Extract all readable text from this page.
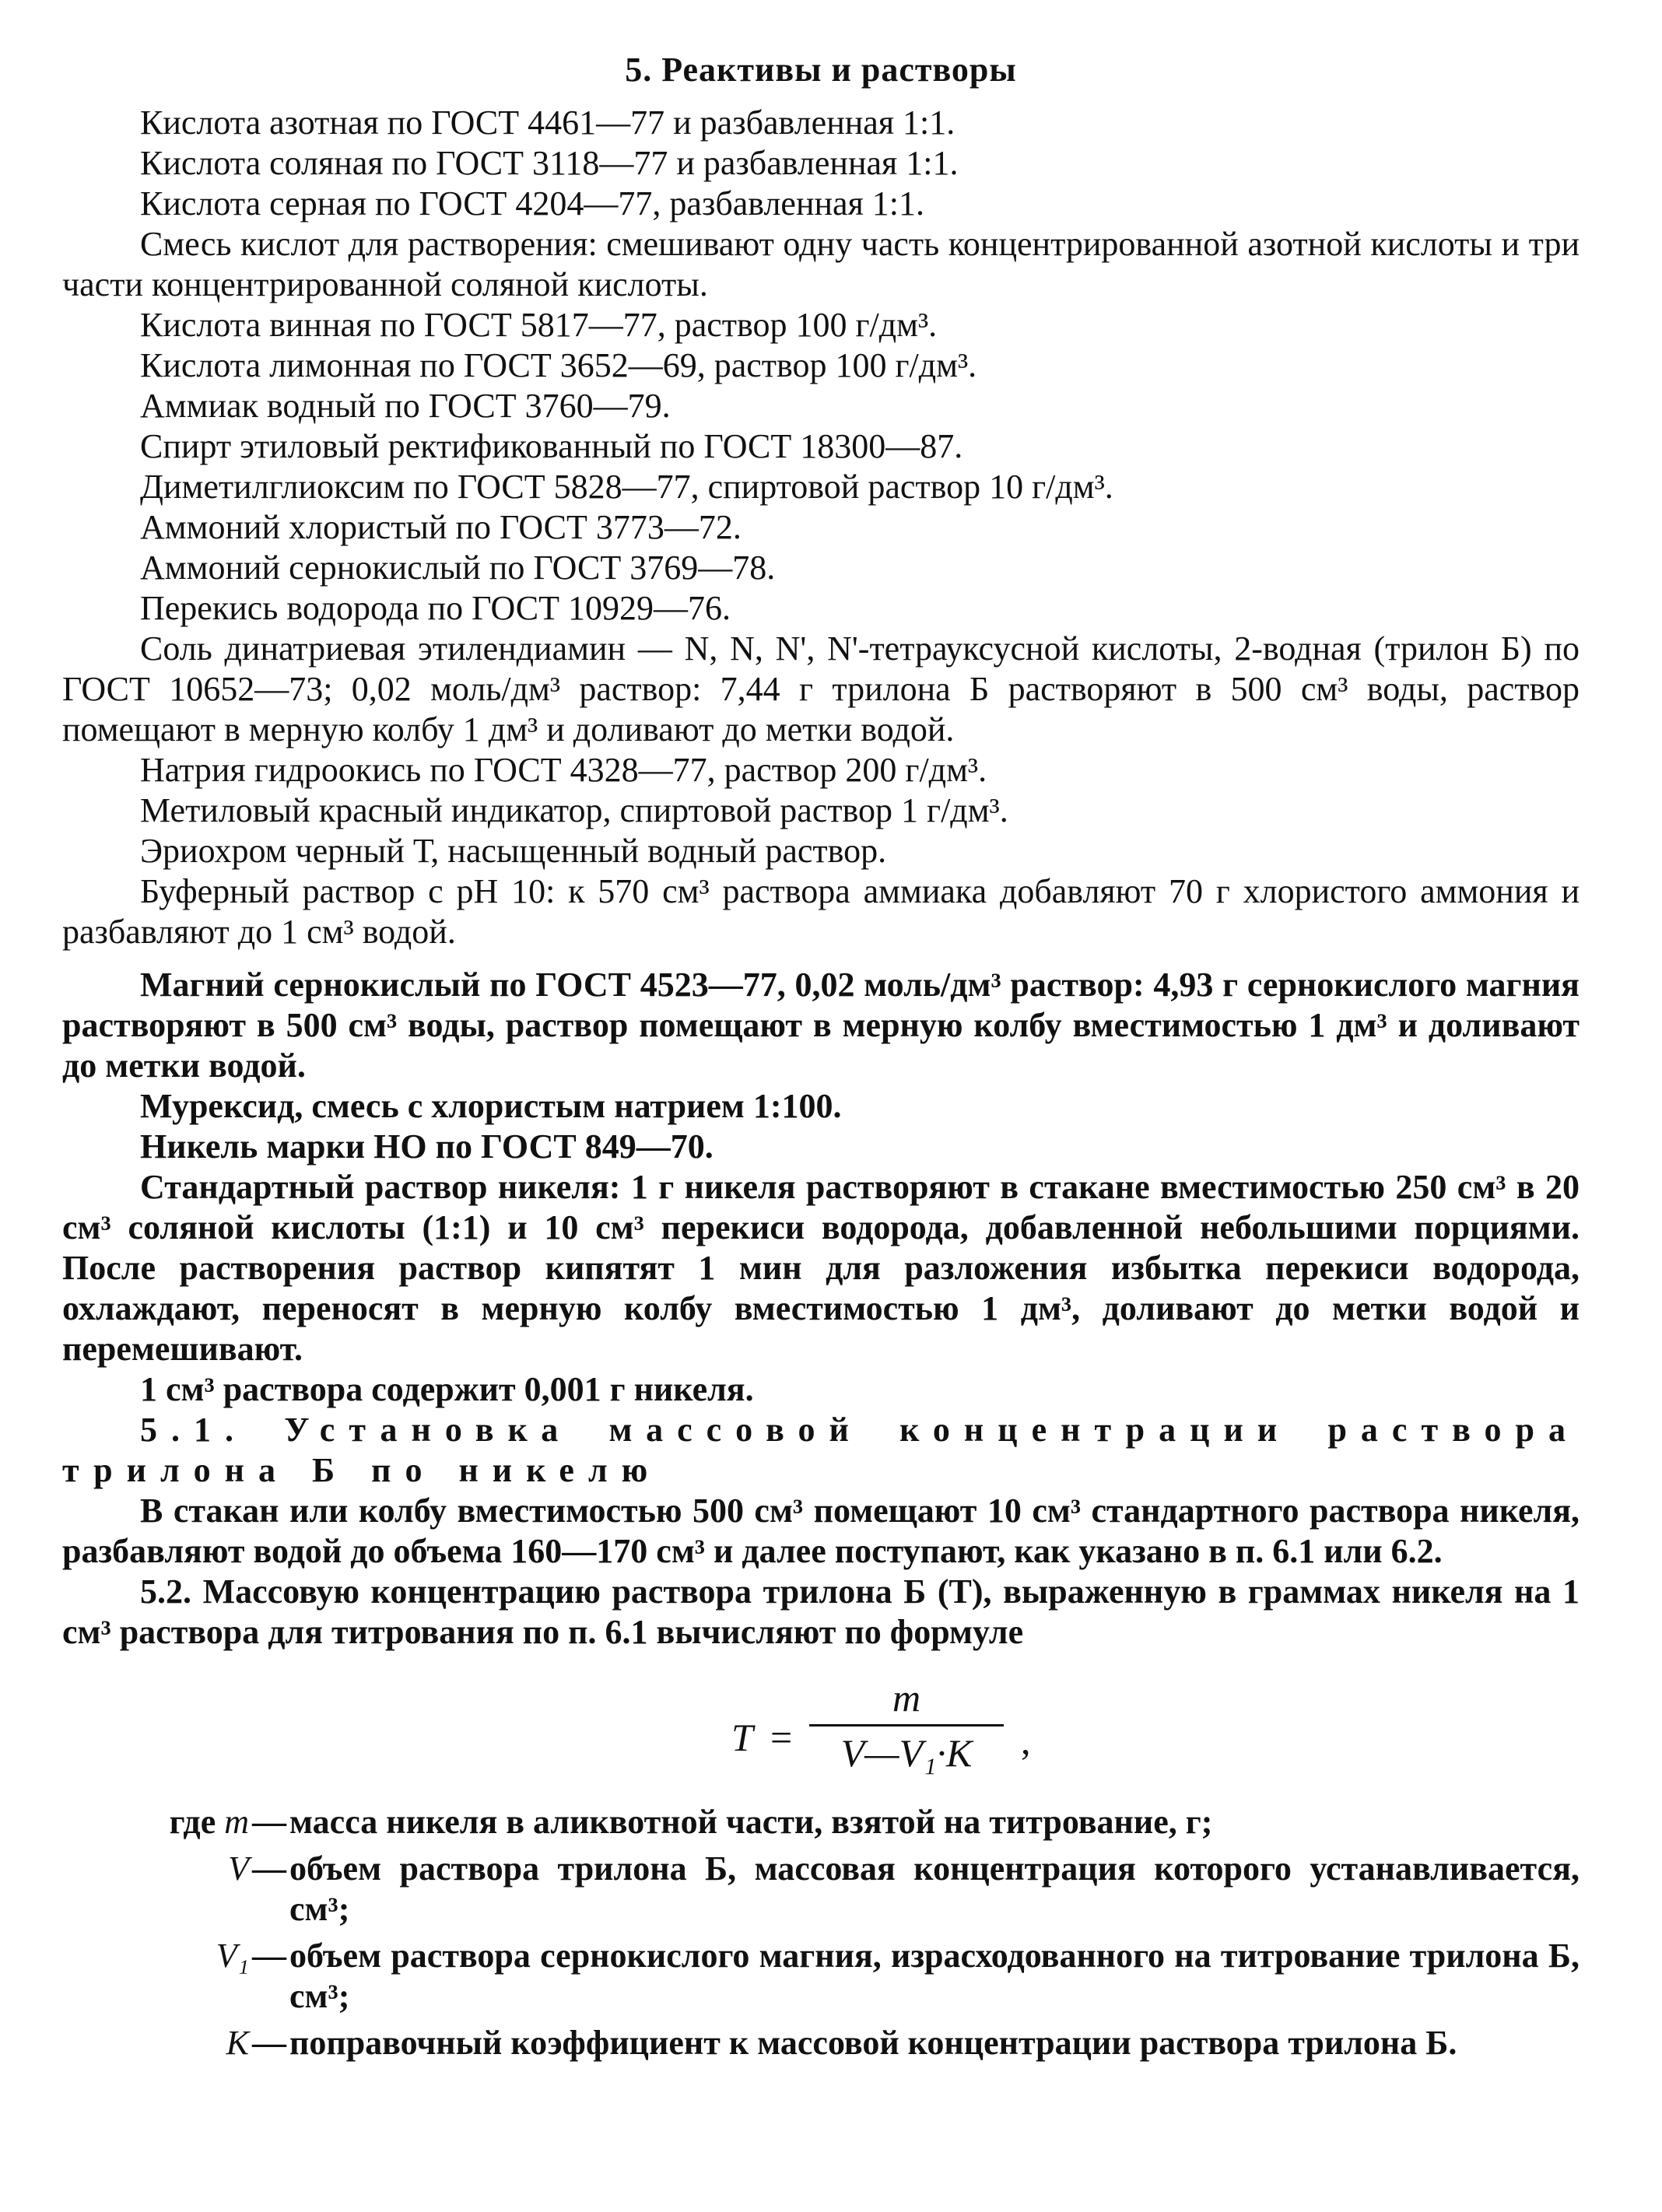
5. Реактивы и растворы

Кислота азотная по ГОСТ 4461—77 и разбавленная 1:1.

Кислота соляная по ГОСТ 3118—77 и разбавленная 1:1.

Кислота серная по ГОСТ 4204—77, разбавленная 1:1.

Смесь кислот для растворения: смешивают одну часть концентрированной азотной кислоты и три части концентрированной соляной кислоты.

Кислота винная по ГОСТ 5817—77, раствор 100 г/дм³.

Кислота лимонная по ГОСТ 3652—69, раствор 100 г/дм³.

Аммиак водный по ГОСТ 3760—79.

Спирт этиловый ректификованный по ГОСТ 18300—87.

Диметилглиоксим по ГОСТ 5828—77, спиртовой раствор 10 г/дм³.

Аммоний хлористый по ГОСТ 3773—72.

Аммоний сернокислый по ГОСТ 3769—78.

Перекись водорода по ГОСТ 10929—76.

Соль динатриевая этилендиамин — N, N, N', N'-тетрауксусной кислоты, 2-водная (трилон Б) по ГОСТ 10652—73; 0,02 моль/дм³ раствор: 7,44 г трилона Б растворяют в 500 см³ воды, раствор помещают в мерную колбу 1 дм³ и доливают до метки водой.

Натрия гидроокись по ГОСТ 4328—77, раствор 200 г/дм³.

Метиловый красный индикатор, спиртовой раствор 1 г/дм³.

Эриохром черный Т, насыщенный водный раствор.

Буферный раствор с рН 10: к 570 см³ раствора аммиака добавляют 70 г хлористого аммония и разбавляют до 1 см³ водой.

Магний сернокислый по ГОСТ 4523—77, 0,02 моль/дм³ раствор: 4,93 г сернокислого магния растворяют в 500 см³ воды, раствор помещают в мерную колбу вместимостью 1 дм³ и доливают до метки водой.

Мурексид, смесь с хлористым натрием 1:100.

Никель марки НО по ГОСТ 849—70.

Стандартный раствор никеля: 1 г никеля растворяют в стакане вместимостью 250 см³ в 20 см³ соляной кислоты (1:1) и 10 см³ перекиси водорода, добавленной небольшими порциями. После растворения раствор кипятят 1 мин для разложения избытка перекиси водорода, охлаждают, переносят в мерную колбу вместимостью 1 дм³, доливают до метки водой и перемешивают.

1 см³ раствора содержит 0,001 г никеля.

5.1. Установка массовой концентрации раствора трилона Б по никелю

В стакан или колбу вместимостью 500 см³ помещают 10 см³ стандартного раствора никеля, разбавляют водой до объема 160—170 см³ и далее поступают, как указано в п. 6.1 или 6.2.

5.2. Массовую концентрацию раствора трилона Б (Т), выраженную в граммах никеля на 1 см³ раствора для титрования по п. 6.1 вычисляют по формуле

T =
m
V—V₁·K	,
где m — масса никеля в аликвотной части, взятой на титрование, г;
V — объем раствора трилона Б, массовая концентрация которого устанавливается, см³;
V₁ — объем раствора сернокислого магния, израсходованного на титрование трилона Б, см³;
K — поправочный коэффициент к массовой концентрации раствора трилона Б.
